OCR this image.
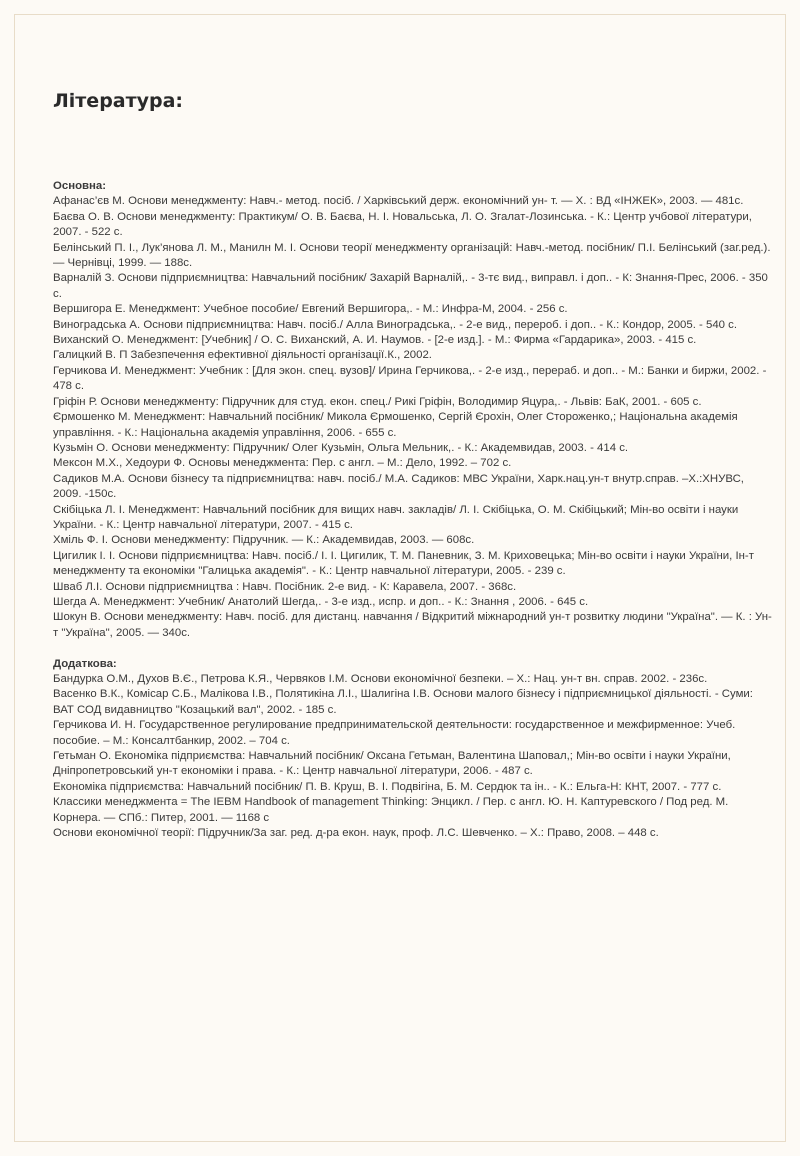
Література:

Основна:

Афанас’єв М. Основи менеджменту: Навч.- метод. посіб. / Харківський держ. економічний ун- т. — Х. : ВД «ІНЖЕК», 2003. — 481с.

Баєва О. В. Основи менеджменту: Практикум/ О. В. Баєва, Н. І. Новальська, Л. О. Згалат-Лозинська. - К.: Центр учбової літератури, 2007. - 522 с.

Белінський П. І., Лук’янова Л. М., Манилн М. І. Основи теорії менеджменту організацій: Навч.-метод. посібник/ П.І. Белінський (заг.ред.). — Чернівці, 1999. — 188с.

Варналій З. Основи підприємництва: Навчальний посібник/ Захарій Варналій,. - 3-тє вид., виправл. і доп.. - К: Знання-Прес, 2006. - 350 с.

Вершигора Е. Менеджмент: Учебное пособие/ Евгений Вершигора,. - М.: Инфра-М, 2004. - 256 с.

Виноградська А. Основи підприємництва: Навч. посіб./ Алла Виноградська,. - 2-е вид., перероб. і доп.. - К.: Кондор, 2005. - 540 с.

Виханский О. Менеджмент: [Учебник] / О. С. Виханский, А. И. Наумов. - [2-е изд.]. - М.: Фирма «Гардарика», 2003. - 415 с.

Галицкий В. П Забезпечення ефективної діяльності організації.К., 2002.

Герчикова И. Менеджмент: Учебник : [Для экон. спец. вузов]/ Ирина Герчикова,. - 2-е изд., перераб. и доп.. - М.: Банки и биржи, 2002. - 478 с.

Гріфін Р. Основи менеджменту: Підручник для студ. екон. спец./ Рикі Гріфін, Володимир Яцура,. - Львів: БаК, 2001. - 605 с.

Єрмошенко М. Менеджмент: Навчальний посібник/ Микола Єрмошенко, Сергій Єрохін, Олег Стороженко,; Національна академія управління. - К.: Національна академія управління, 2006. - 655 с.

Кузьмін О. Основи менеджменту: Підручник/ Олег Кузьмін, Ольга Мельник,. - К.: Академвидав, 2003. - 414 с.

Мексон М.Х., Хедоури Ф. Основы менеджмента: Пер. с англ. – М.: Дело, 1992. – 702 с.

Садиков М.А. Основи бізнесу та підприємництва: навч. посіб./ М.А. Садиков: МВС України, Харк.нац.ун-т внутр.справ. –Х.:ХНУВС, 2009. -150с.

Скібіцька Л. І. Менеджмент: Навчальний посібник для вищих навч. закладів/ Л. І. Скібіцька, О. М. Скібіцький; Мін-во освіти і науки України. - К.: Центр навчальної літератури, 2007. - 415 с.

Хміль Ф. І. Основи менеджменту: Підручник. — К.: Академвидав, 2003. — 608с.

Цигилик І. І. Основи підприємництва: Навч. посіб./ І. І. Цигилик, Т. М. Паневник, З. М. Криховецька; Мін-во освіти і науки України, Ін-т менеджменту та економіки "Галицька академія". - К.: Центр навчальної літератури, 2005. - 239 с.

Шваб Л.І. Основи підприємництва : Навч. Посібник. 2-е вид. - К: Каравела, 2007. - 368с.

Шегда А. Менеджмент: Учебник/ Анатолий Шегда,. - 3-е изд., испр. и доп.. - К.: Знання , 2006. - 645 с.

Шокун В. Основи менеджменту: Навч. посіб. для дистанц. навчання / Відкритий міжнародний ун-т розвитку людини "Україна". — К. : Ун-т "Україна", 2005. — 340с.

Додаткова:

Бандурка О.М., Духов В.Є., Петрова К.Я., Червяков І.М. Основи економічної безпеки. – Х.: Нац. ун-т вн. справ. 2002. - 236с.

Васенко В.К., Комісар С.Б., Малікова І.В., Полятикіна Л.І., Шалигіна І.В. Основи малого бізнесу і підприємницької діяльності. - Суми: ВАТ СОД видавництво "Козацький вал", 2002. - 185 с.

Герчикова И. Н. Государственное регулирование предпринимательской деятельности: государственное и межфирменное: Учеб. пособие. – М.: Консалтбанкир, 2002. – 704 с.

Гетьман О. Економіка підприємства: Навчальний посібник/ Оксана Гетьман, Валентина Шаповал,; Мін-во освіти і науки України, Дніпропетровський ун-т економіки і права. - К.: Центр навчальної літератури, 2006. - 487 с.

Економіка підприємства: Навчальний посібник/ П. В. Круш, В. І. Подвігіна, Б. М. Сердюк та ін.. - К.: Ельга-Н: КНТ, 2007. - 777 с.

Классики менеджмента = The IEBM Handbook of management Thinking: Энцикл. / Пер. с англ. Ю. Н. Каптуревского / Под ред. М. Корнера. — СПб.: Питер, 2001. — 1168 с

Основи економічної теорії: Підручник/За заг. ред. д-ра екон. наук, проф. Л.С. Шевченко. – Х.: Право, 2008. – 448 с.
